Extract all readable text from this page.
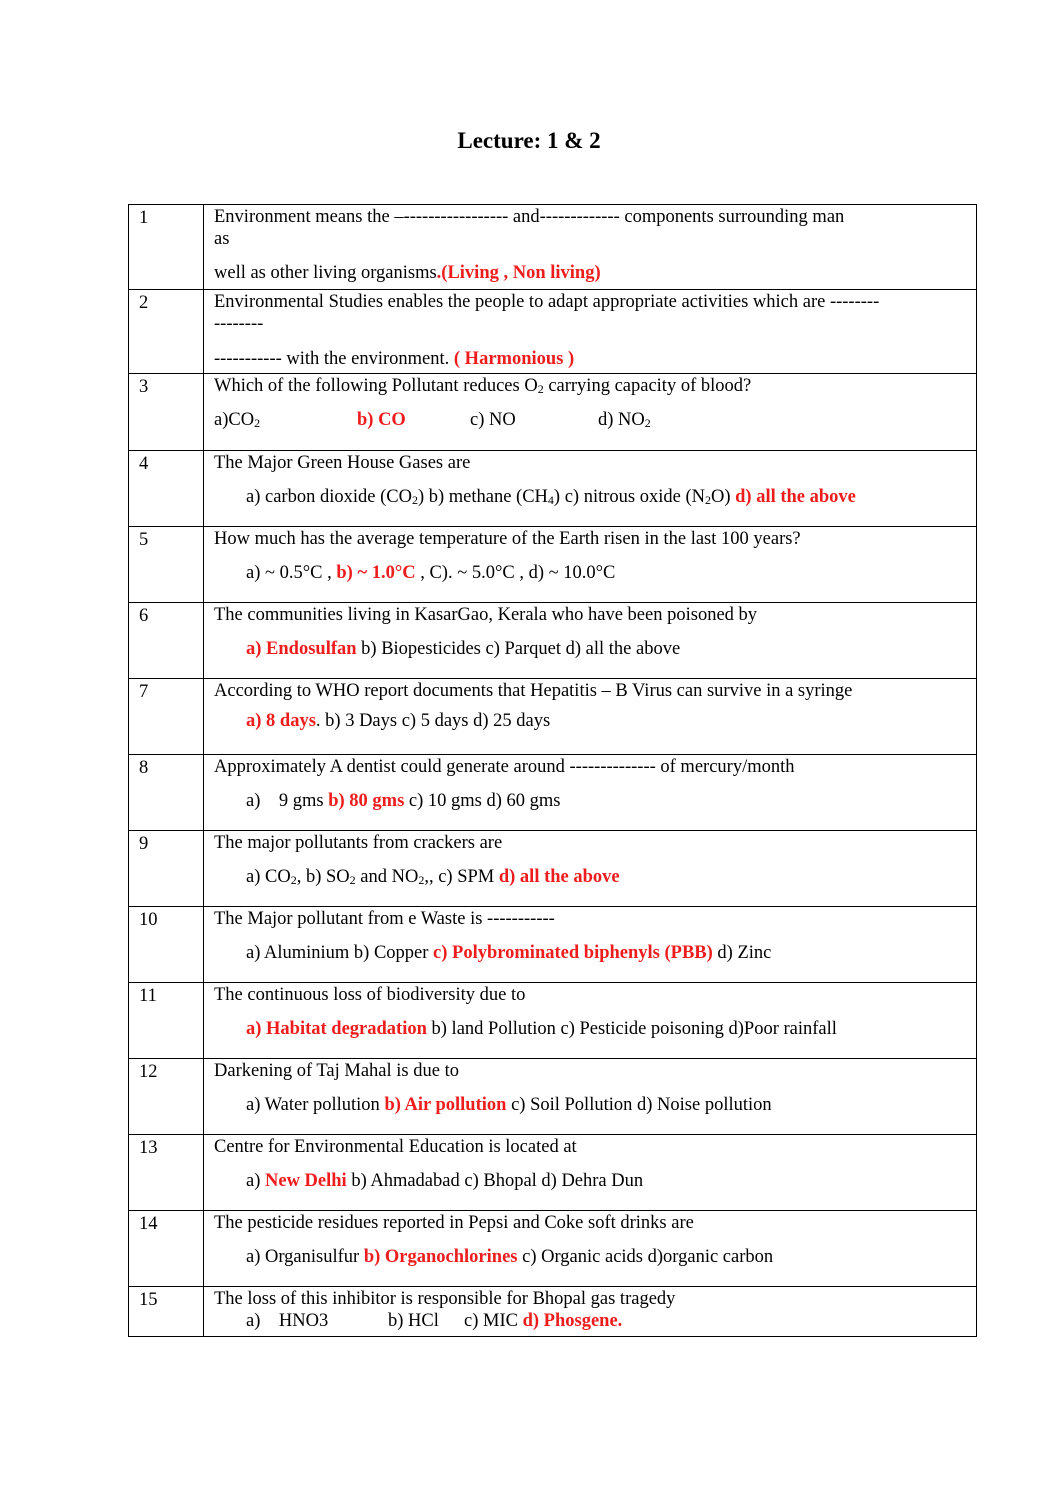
Lecture: 1 & 2
1	Environment means the –----------------- and------------- components surrounding man
as
well as other living organisms.(Living , Non living)

2	Environmental Studies enables the people to adapt appropriate activities which are --------
--------
----------- with the environment. ( Harmonious )

3	Which of the following Pollutant reduces $O_2$ carrying capacity of blood?
$a)CO_2$ b) CO c) NO d) $NO_2$

4	The Major Green House Gases are
a) carbon dioxide $(CO_2)$ b) methane $(CH_4)$ c) nitrous oxide $(N_2O)$ d) all the above

5	How much has the average temperature of the Earth risen in the last 100 years?
a) ~ 0.5°C , b) ~ 1.0°C , C). ~ 5.0°C , d) ~ 10.0°C

6	The communities living in KasarGao, Kerala who have been poisoned by
a) Endosulfan b) Biopesticides c) Parquet d) all the above

7	According to WHO report documents that Hepatitis – B Virus can survive in a syringe
a) 8 days. b) 3 Days c) 5 days d) 25 days

8	Approximately A dentist could generate around -------------- of mercury/month
a)    9 gms b) 80 gms c) 10 gms d) 60 gms

9	The major pollutants from crackers are
a) $CO_2$, b) $SO_2$ and $NO_2$,, c) SPM d) all the above

10	The Major pollutant from e Waste is -----------
a) Aluminium b) Copper c) Polybrominated biphenyls (PBB) d) Zinc

11	The continuous loss of biodiversity due to
a) Habitat degradation b) land Pollution c) Pesticide poisoning d)Poor rainfall

12	Darkening of Taj Mahal is due to
a) Water pollution b) Air pollution c) Soil Pollution d) Noise pollution

13	Centre for Environmental Education is located at
a) New Delhi b) Ahmadabad c) Bhopal d) Dehra Dun

14	The pesticide residues reported in Pepsi and Coke soft drinks are
a) Organisulfur b) Organochlorines c) Organic acids d)organic carbon

15	The loss of this inhibitor is responsible for Bhopal gas tragedy
a)    HNO3 b) HCl c) MIC d) Phosgene.
